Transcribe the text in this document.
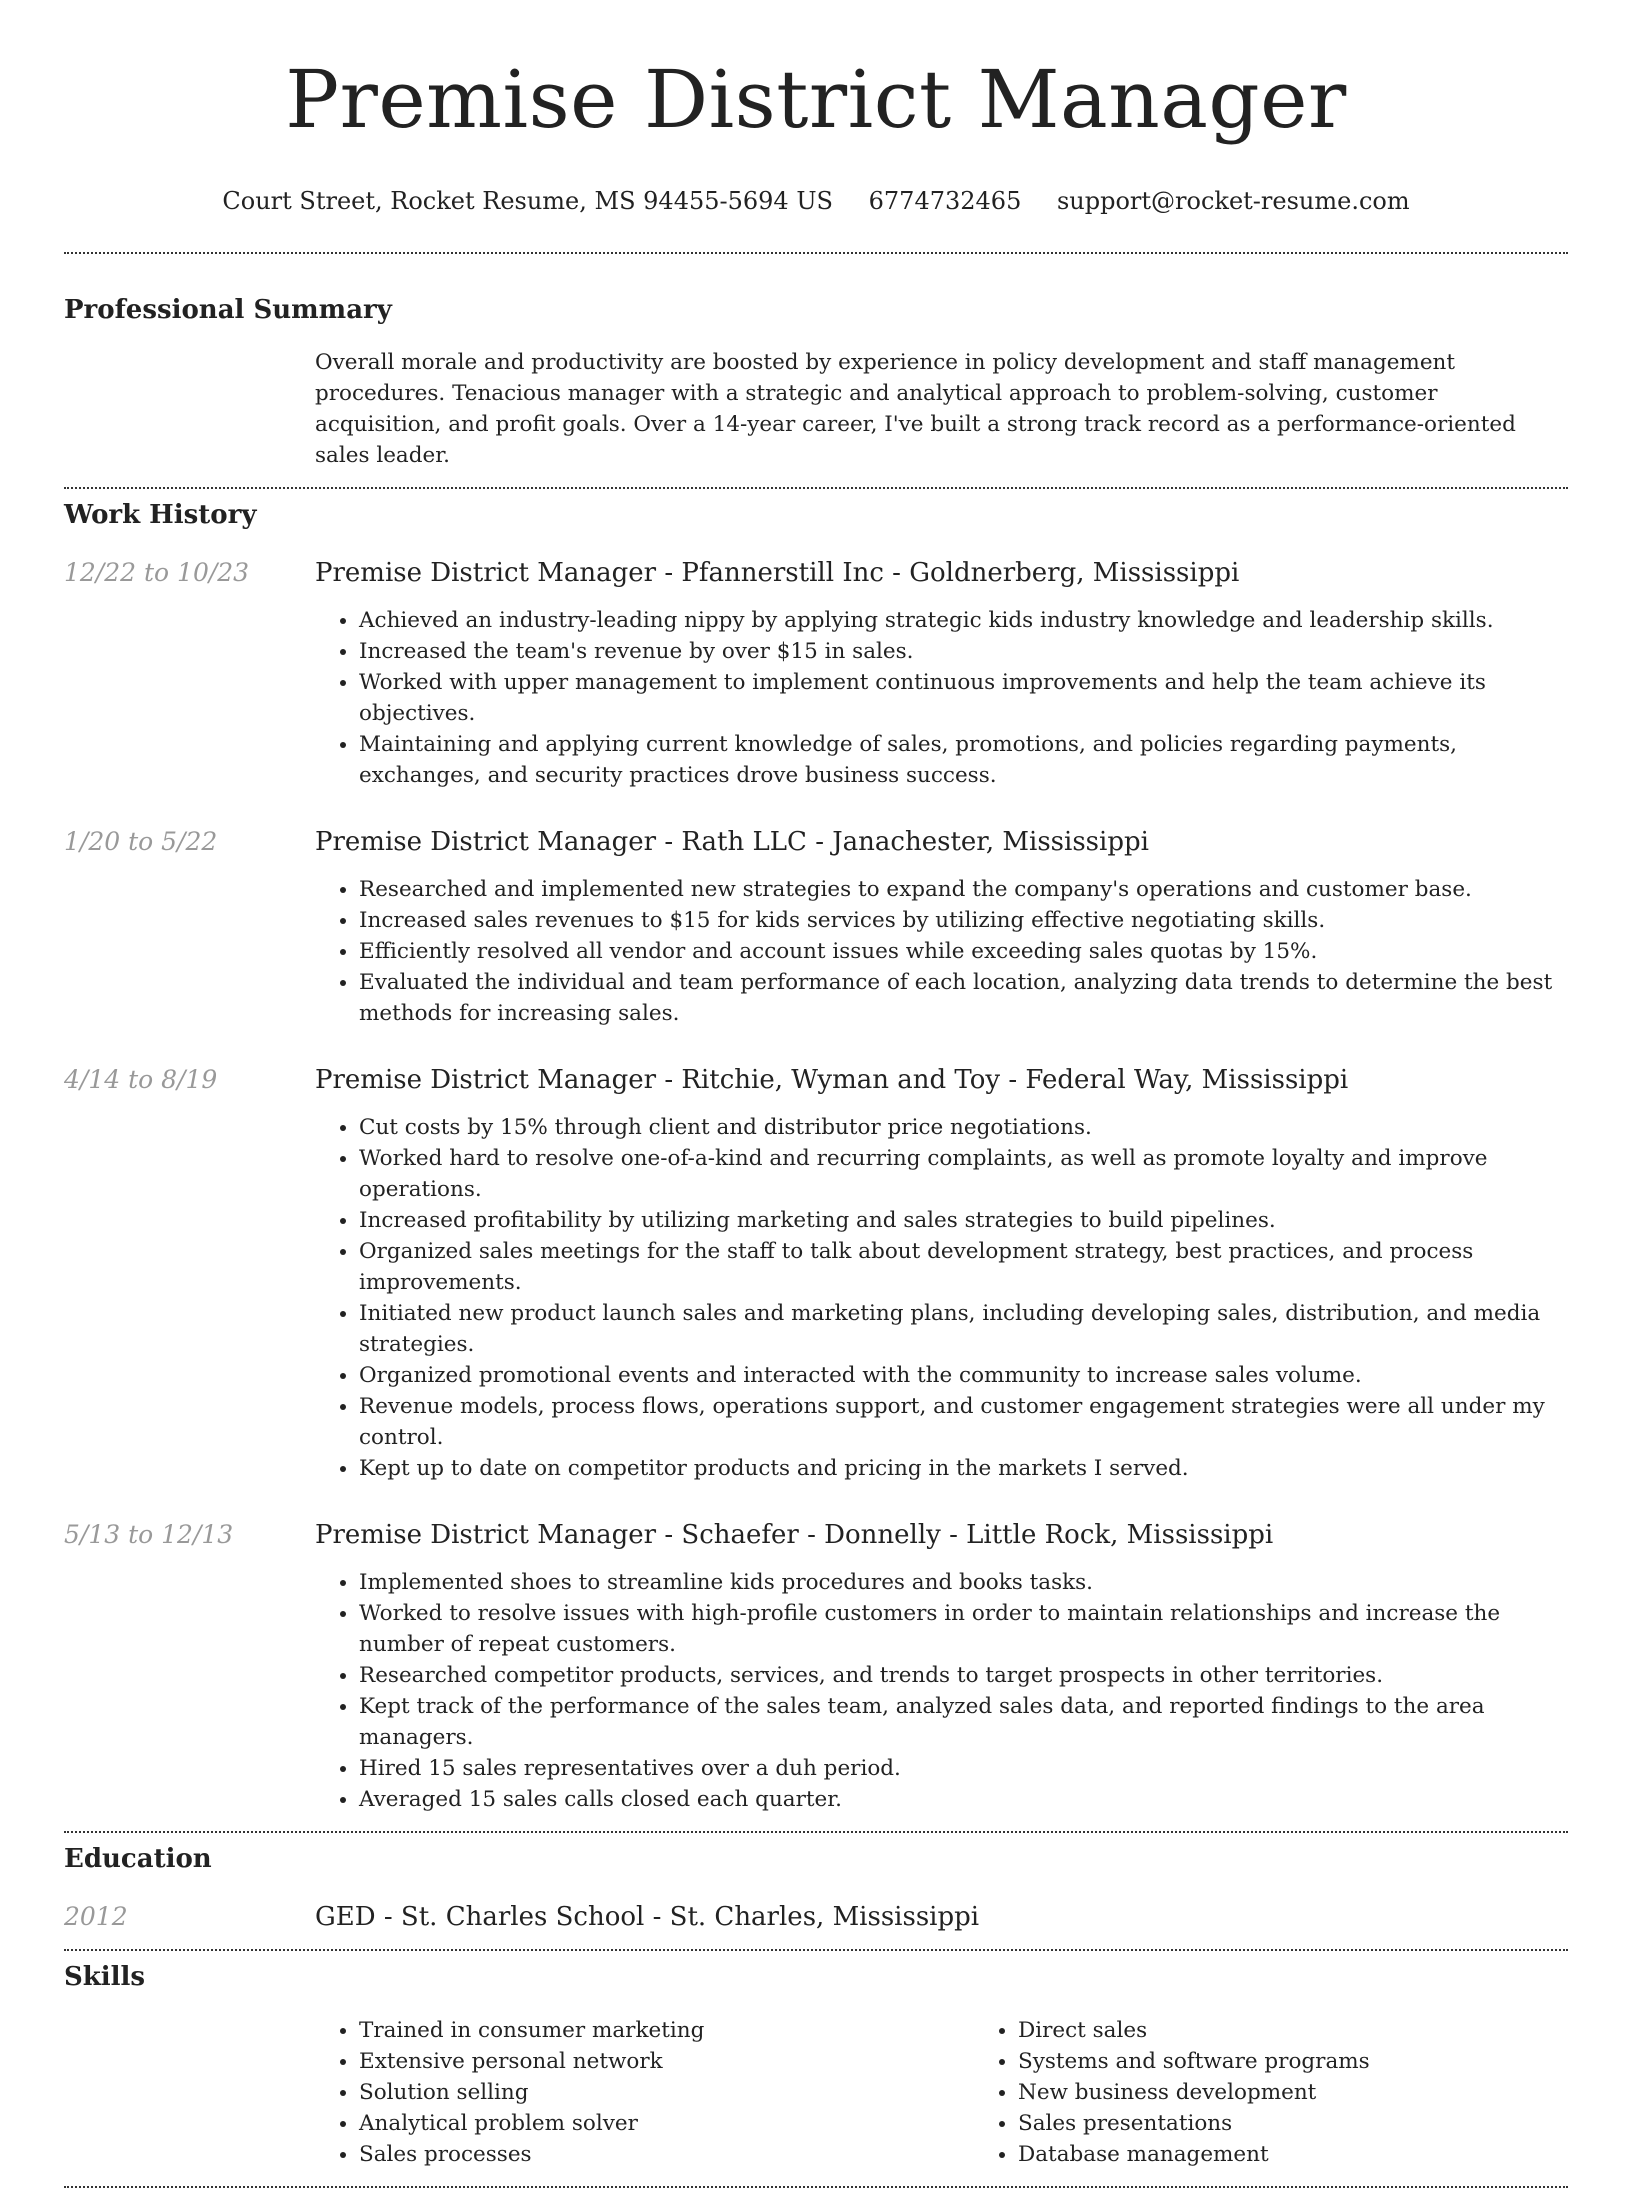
Premise District Manager
Court Street, Rocket Resume, MS 94455-5694 US 6774732465 support@rocket-resume.com
Professional Summary

Overall morale and productivity are boosted by experience in policy development and staff management procedures. Tenacious manager with a strategic and analytical approach to problem-solving, customer acquisition, and profit goals. Over a 14-year career, I've built a strong track record as a performance-oriented sales leader.

Work History
12/22 to 10/23	Premise District Manager - Pfannerstill Inc - Goldnerberg, Mississippi
• Achieved an industry-leading nippy by applying strategic kids industry knowledge and leadership skills.
• Increased the team's revenue by over $15 in sales.
• Worked with upper management to implement continuous improvements and help the team achieve its objectives.
• Maintaining and applying current knowledge of sales, promotions, and policies regarding payments, exchanges, and security practices drove business success.
1/20 to 5/22	Premise District Manager - Rath LLC - Janachester, Mississippi
• Researched and implemented new strategies to expand the company's operations and customer base.
• Increased sales revenues to $15 for kids services by utilizing effective negotiating skills.
• Efficiently resolved all vendor and account issues while exceeding sales quotas by 15%.
• Evaluated the individual and team performance of each location, analyzing data trends to determine the best methods for increasing sales.
4/14 to 8/19	Premise District Manager - Ritchie, Wyman and Toy - Federal Way, Mississippi
• Cut costs by 15% through client and distributor price negotiations.
• Worked hard to resolve one-of-a-kind and recurring complaints, as well as promote loyalty and improve operations.
• Increased profitability by utilizing marketing and sales strategies to build pipelines.
• Organized sales meetings for the staff to talk about development strategy, best practices, and process improvements.
• Initiated new product launch sales and marketing plans, including developing sales, distribution, and media strategies.
• Organized promotional events and interacted with the community to increase sales volume.
• Revenue models, process flows, operations support, and customer engagement strategies were all under my control.
• Kept up to date on competitor products and pricing in the markets I served.
5/13 to 12/13	Premise District Manager - Schaefer - Donnelly - Little Rock, Mississippi
• Implemented shoes to streamline kids procedures and books tasks.
• Worked to resolve issues with high-profile customers in order to maintain relationships and increase the number of repeat customers.
• Researched competitor products, services, and trends to target prospects in other territories.
• Kept track of the performance of the sales team, analyzed sales data, and reported findings to the area managers.
• Hired 15 sales representatives over a duh period.
• Averaged 15 sales calls closed each quarter.
Education
2012	GED - St. Charles School - St. Charles, Mississippi
Skills
• Trained in consumer marketing
• Extensive personal network
• Solution selling
• Analytical problem solver
• Sales processes
• Direct sales
• Systems and software programs
• New business development
• Sales presentations
• Database management
